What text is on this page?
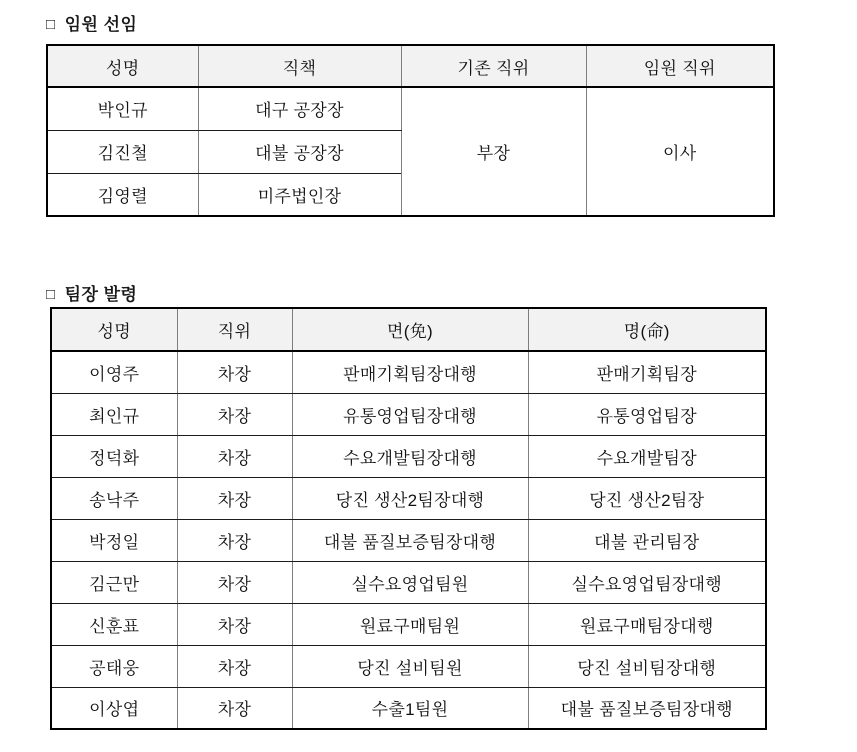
□ 임원 선임
성명	직책	기존 직위	임원 직위
박인규	대구 공장장	부장	이사
김진철	대불 공장장		
김영렬	미주법인장		
□ 팀장 발령
성명	직위	면(免)	명(命)
이영주	차장	판매기획팀장대행	판매기획팀장
최인규	차장	유통영업팀장대행	유통영업팀장
정덕화	차장	수요개발팀장대행	수요개발팀장
송낙주	차장	당진 생산2팀장대행	당진 생산2팀장
박정일	차장	대불 품질보증팀장대행	대불 관리팀장
김근만	차장	실수요영업팀원	실수요영업팀장대행
신훈표	차장	원료구매팀원	원료구매팀장대행
공태웅	차장	당진 설비팀원	당진 설비팀장대행
이상엽	차장	수출1팀원	대불 품질보증팀장대행
